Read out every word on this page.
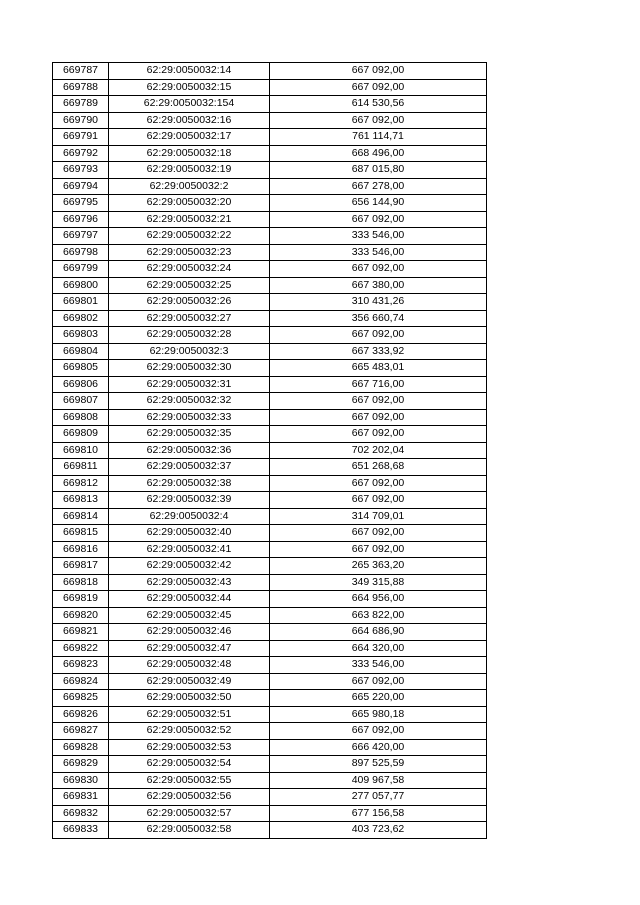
669787	62:29:0050032:14	667 092,00
669788	62:29:0050032:15	667 092,00
669789	62:29:0050032:154	614 530,56
669790	62:29:0050032:16	667 092,00
669791	62:29:0050032:17	761 114,71
669792	62:29:0050032:18	668 496,00
669793	62:29:0050032:19	687 015,80
669794	62:29:0050032:2	667 278,00
669795	62:29:0050032:20	656 144,90
669796	62:29:0050032:21	667 092,00
669797	62:29:0050032:22	333 546,00
669798	62:29:0050032:23	333 546,00
669799	62:29:0050032:24	667 092,00
669800	62:29:0050032:25	667 380,00
669801	62:29:0050032:26	310 431,26
669802	62:29:0050032:27	356 660,74
669803	62:29:0050032:28	667 092,00
669804	62:29:0050032:3	667 333,92
669805	62:29:0050032:30	665 483,01
669806	62:29:0050032:31	667 716,00
669807	62:29:0050032:32	667 092,00
669808	62:29:0050032:33	667 092,00
669809	62:29:0050032:35	667 092,00
669810	62:29:0050032:36	702 202,04
669811	62:29:0050032:37	651 268,68
669812	62:29:0050032:38	667 092,00
669813	62:29:0050032:39	667 092,00
669814	62:29:0050032:4	314 709,01
669815	62:29:0050032:40	667 092,00
669816	62:29:0050032:41	667 092,00
669817	62:29:0050032:42	265 363,20
669818	62:29:0050032:43	349 315,88
669819	62:29:0050032:44	664 956,00
669820	62:29:0050032:45	663 822,00
669821	62:29:0050032:46	664 686,90
669822	62:29:0050032:47	664 320,00
669823	62:29:0050032:48	333 546,00
669824	62:29:0050032:49	667 092,00
669825	62:29:0050032:50	665 220,00
669826	62:29:0050032:51	665 980,18
669827	62:29:0050032:52	667 092,00
669828	62:29:0050032:53	666 420,00
669829	62:29:0050032:54	897 525,59
669830	62:29:0050032:55	409 967,58
669831	62:29:0050032:56	277 057,77
669832	62:29:0050032:57	677 156,58
669833	62:29:0050032:58	403 723,62
